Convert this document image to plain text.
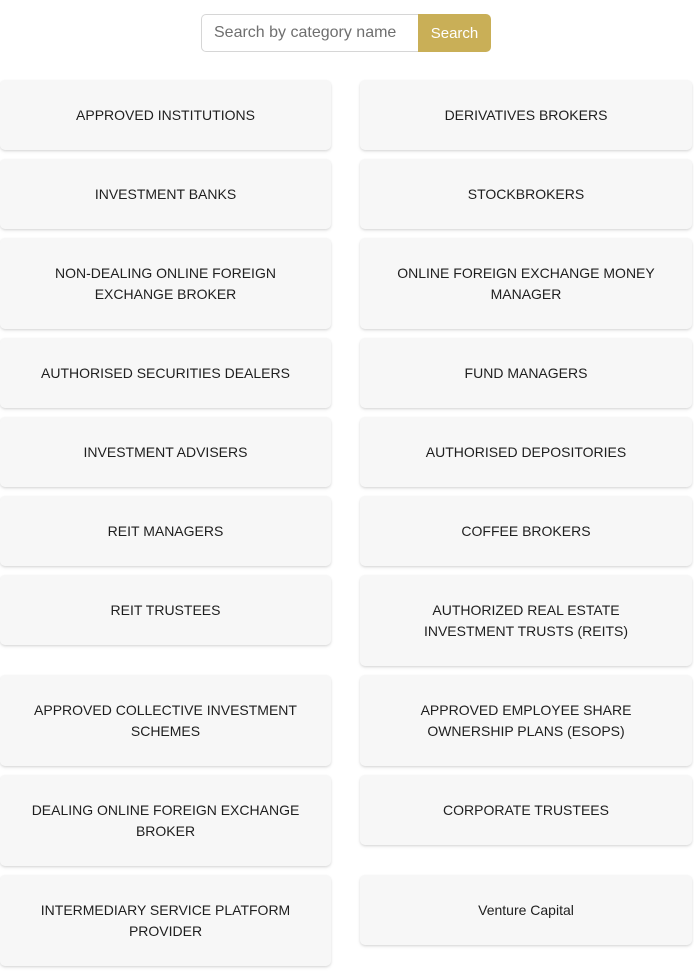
Search by category name
Search
APPROVED INSTITUTIONS	DERIVATIVES BROKERS
INVESTMENT BANKS	STOCKBROKERS
NON-DEALING ONLINE FOREIGN EXCHANGE BROKER
ONLINE FOREIGN EXCHANGE MONEY MANAGER
AUTHORISED SECURITIES DEALERS	FUND MANAGERS
INVESTMENT ADVISERS	AUTHORISED DEPOSITORIES
REIT MANAGERS	COFFEE BROKERS
REIT TRUSTEES	AUTHORIZED REAL ESTATE INVESTMENT TRUSTS (REITS)
APPROVED COLLECTIVE INVESTMENT SCHEMES
APPROVED EMPLOYEE SHARE OWNERSHIP PLANS (ESOPS)
DEALING ONLINE FOREIGN EXCHANGE BROKER
CORPORATE TRUSTEES
INTERMEDIARY SERVICE PLATFORM PROVIDER
Venture Capital
